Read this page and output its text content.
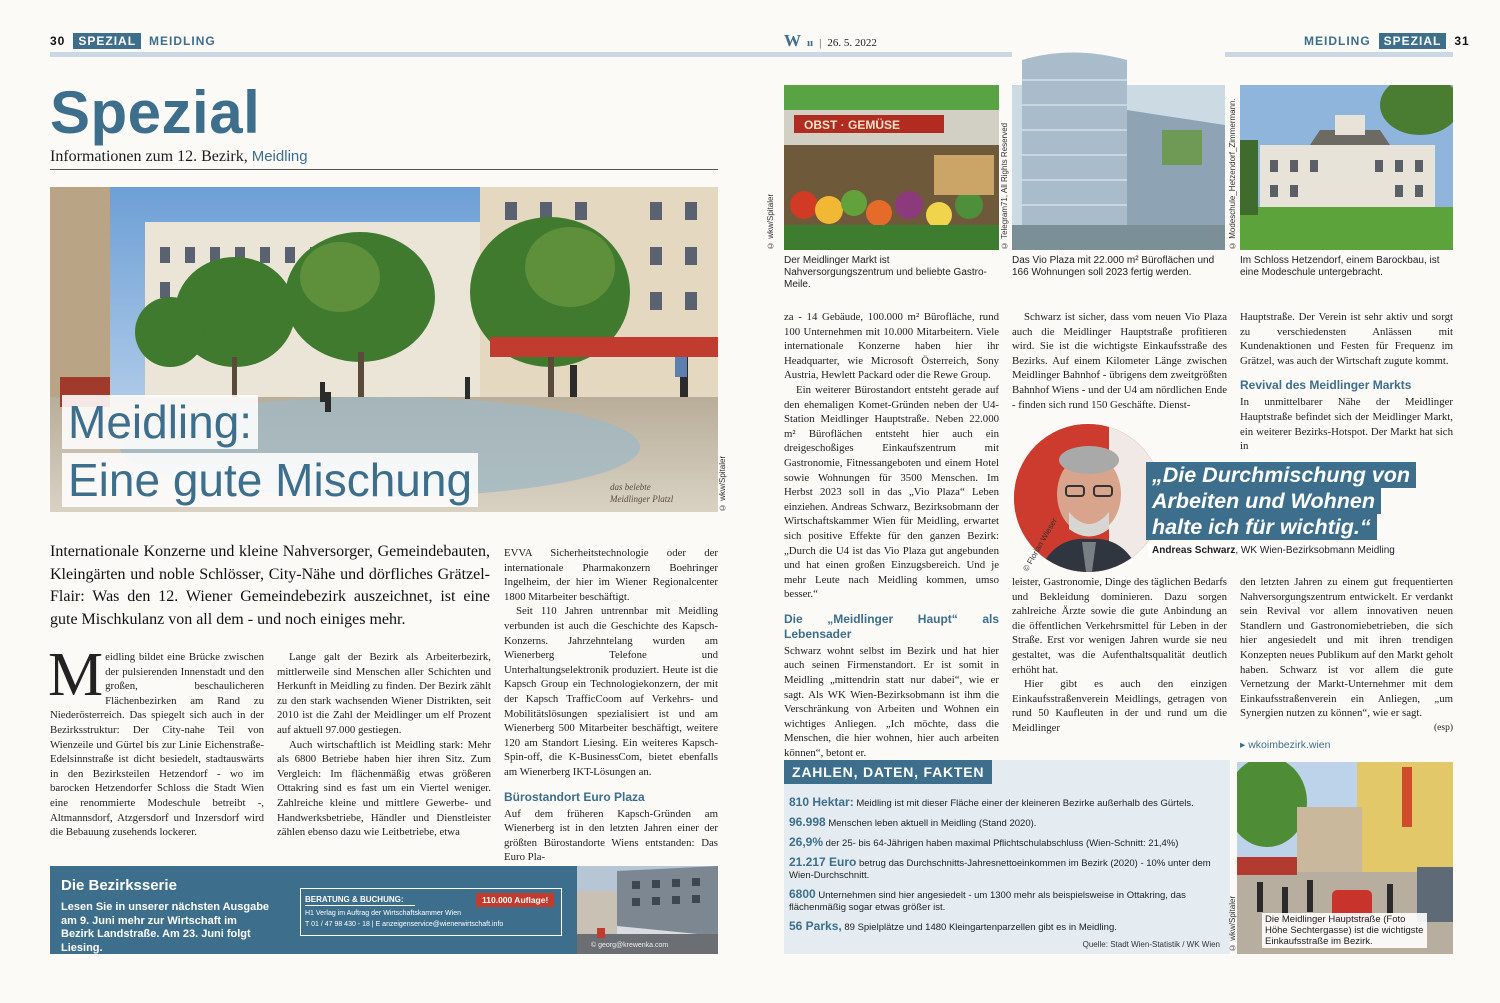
30	SPEZIAL	MEIDLING
Spezial
Informationen zum 12. Bezirk, Meidling
Meidling:
Eine gute Mischung	das belebte
Meidlinger Platzl	© wkw/Spitaler
Internationale Konzerne und kleine Nahversorger, Gemeindebauten, Kleingärten und noble Schlösser, City-Nähe und dörfliches Grätzel-Flair: Was den 12. Wiener Gemeindebezirk auszeichnet, ist eine gute Mischkulanz von all dem - und noch einiges mehr.
M eidling bildet eine Brücke zwischen der pulsierenden Innenstadt und den großen, beschaulicheren Flächenbezirken am Rand zu Niederösterreich. Das spiegelt sich auch in der Bezirksstruktur: Der City-nahe Teil von Wienzeile und Gürtel bis zur Linie Eichenstraße-Edelsinnstraße ist dicht besiedelt, stadtauswärts in den Bezirksteilen Hetzendorf - wo im barocken Hetzendorfer Schloss die Stadt Wien eine renommierte Modeschule betreibt -, Altmannsdorf, Atzgersdorf und Inzersdorf wird die Bebauung zusehends lockerer.

Lange galt der Bezirk als Arbeiterbezirk, mittlerweile sind Menschen aller Schichten und Herkunft in Meidling zu finden. Der Bezirk zählt zu den stark wachsenden Wiener Distrikten, seit 2010 ist die Zahl der Meidlinger um elf Prozent auf aktuell 97.000 gestiegen.

Auch wirtschaftlich ist Meidling stark: Mehr als 6800 Betriebe haben hier ihren Sitz. Zum Vergleich: Im flächenmäßig etwas größeren Ottakring sind es fast um ein Viertel weniger. Zahlreiche kleine und mittlere Gewerbe- und Handwerksbetriebe, Händler und Dienstleister zählen ebenso dazu wie Leitbetriebe, etwa

EVVA Sicherheitstechnologie oder der internationale Pharmakonzern Boehringer Ingelheim, der hier im Wiener Regionalcenter 1800 Mitarbeiter beschäftigt.

Seit 110 Jahren untrennbar mit Meidling verbunden ist auch die Geschichte des Kapsch-Konzerns. Jahrzehntelang wurden am Wienerberg Telefone und Unterhaltungselektronik produziert. Heute ist die Kapsch Group ein Technologiekonzern, der mit der Kapsch TrafficCoom auf Verkehrs- und Mobilitätslösungen spezialisiert ist und am Wienerberg 500 Mitarbeiter beschäftigt, weitere 120 am Standort Liesing. Ein weiteres Kapsch-Spin-off, die K-BusinessCom, bietet ebenfalls am Wienerberg IKT-Lösungen an.

Bürostandort Euro Plaza

Auf dem früheren Kapsch-Gründen am Wienerberg ist in den letzten Jahren einer der größten Bürostandorte Wiens entstanden: Das Euro Pla-

Die Bezirksserie
Lesen Sie in unserer nächsten Ausgabe am 9. Juni mehr zur Wirtschaft im Bezirk Landstraße. Am 23. Juni folgt Liesing.
BERATUNG & BUCHUNG:	110.000 Auflage!
H1 Verlag im Auftrag der Wirtschaftskammer Wien
T 01 / 47 98 430 - 18 | E anzeigenservice@wienerwirtschaft.info
© georg@krewenka.com
W ıı | 26. 5. 2022	MEIDLING	SPEZIAL	31
OBST · GEMÜSE
© wkw/Spitaler	© Telegram71, All Rights Reserved	© Modeschule_Hetzendorf_Zimmermann.
Der Meidlinger Markt ist Nahversorgungszentrum und beliebte Gastro-Meile.
Das Vio Plaza mit 22.000 m² Büroflächen und 166 Wohnungen soll 2023 fertig werden.
Im Schloss Hetzendorf, einem Barockbau, ist eine Modeschule untergebracht.

za - 14 Gebäude, 100.000 m² Bürofläche, rund 100 Unternehmen mit 10.000 Mitarbeitern. Viele internationale Konzerne haben hier ihr Headquarter, wie Microsoft Österreich, Sony Austria, Hewlett Packard oder die Rewe Group.

Ein weiterer Bürostandort entsteht gerade auf den ehemaligen Komet-Gründen neben der U4-Station Meidlinger Hauptstraße. Neben 22.000 m² Büroflächen entsteht hier auch ein dreigeschoßiges Einkaufszentrum mit Gastronomie, Fitnessangeboten und einem Hotel sowie Wohnungen für 3500 Menschen. Im Herbst 2023 soll in das „Vio Plaza“ Leben einziehen. Andreas Schwarz, Bezirksobmann der Wirtschaftskammer Wien für Meidling, erwartet sich positive Effekte für den ganzen Bezirk: „Durch die U4 ist das Vio Plaza gut angebunden und hat einen großen Einzugsbereich. Und je mehr Leute nach Meidling kommen, umso besser.“

Die „Meidlinger Haupt“ als Lebensader

Schwarz wohnt selbst im Bezirk und hat hier auch seinen Firmenstandort. Er ist somit in Meidling „mittendrin statt nur dabei“, wie er sagt. Als WK Wien-Bezirksobmann ist ihm die Verschränkung von Arbeiten und Wohnen ein wichtiges Anliegen. „Ich möchte, dass die Menschen, die hier wohnen, hier auch arbeiten können“, betont er.

Schwarz ist sicher, dass vom neuen Vio Plaza auch die Meidlinger Hauptstraße profitieren wird. Sie ist die wichtigste Einkaufsstraße des Bezirks. Auf einem Kilometer Länge zwischen Meidlinger Bahnhof - übrigens dem zweitgrößten Bahnhof Wiens - und der U4 am nördlichen Ende - finden sich rund 150 Geschäfte. Dienst-

Hauptstraße. Der Verein ist sehr aktiv und sorgt zu verschiedensten Anlässen mit Kundenaktionen und Festen für Frequenz im Grätzel, was auch der Wirtschaft zugute kommt.

Revival des Meidlinger Markts

In unmittelbarer Nähe der Meidlinger Hauptstraße befindet sich der Meidlinger Markt, ein weiterer Bezirks-Hotspot. Der Markt hat sich in

© Florian Wieser
„Die Durchmischung von
Arbeiten und Wohnen
halte ich für wichtig.“
Andreas Schwarz, WK Wien-Bezirksobmann Meidling

leister, Gastronomie, Dinge des täglichen Bedarfs und Bekleidung dominieren. Dazu sorgen zahlreiche Ärzte sowie die gute Anbindung an die öffentlichen Verkehrsmittel für Leben in der Straße. Erst vor wenigen Jahren wurde sie neu gestaltet, was die Aufenthaltsqualität deutlich erhöht hat.

Hier gibt es auch den einzigen Einkaufsstraßenverein Meidlings, getragen von rund 50 Kaufleuten in der und rund um die Meidlinger

den letzten Jahren zu einem gut frequentierten Nahversorgungszentrum entwickelt. Er verdankt sein Revival vor allem innovativen neuen Standlern und Gastronomiebetrieben, die sich hier angesiedelt und mit ihren trendigen Konzepten neues Publikum auf den Markt geholt haben. Schwarz ist vor allem die gute Vernetzung der Markt-Unternehmer mit dem Einkaufsstraßenverein ein Anliegen, „um Synergien nutzen zu können“, wie er sagt.

(esp)
▸ wkoimbezirk.wien
ZAHLEN, DATEN, FAKTEN
810 Hektar: Meidling ist mit dieser Fläche einer der kleineren Bezirke außerhalb des Gürtels.
96.998 Menschen leben aktuell in Meidling (Stand 2020).
26,9% der 25- bis 64-Jährigen haben maximal Pflichtschulabschluss (Wien-Schnitt: 21,4%)
21.217 Euro betrug das Durchschnitts-Jahresnettoeinkommen im Bezirk (2020) - 10% unter dem Wien-Durchschnitt.
6800 Unternehmen sind hier angesiedelt - um 1300 mehr als beispielsweise in Ottakring, das flächenmäßig sogar etwas größer ist.
56 Parks, 89 Spielplätze und 1480 Kleingartenparzellen gibt es in Meidling.
Quelle: Stadt Wien-Statistik / WK Wien © wkw/Spitaler	Die Meidlinger Hauptstraße (Foto Höhe Sechtergasse) ist die wichtigste Einkaufsstraße im Bezirk.
